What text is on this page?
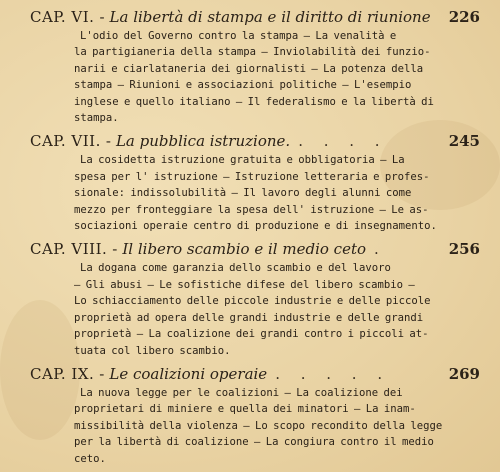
CAP. VI. - La libertà di stampa e il diritto di riunione 226
L'odio del Governo contro la stampa — La venalità e
la partigianeria della stampa — Inviolabilità dei funzio-
narii e ciarlataneria dei giornalisti — La potenza della
stampa — Riunioni e associazioni politiche — L'esempio
inglese e quello italiano — Il federalismo e la libertà di
stampa.
CAP. VII. - La pubblica istruzione. . . . .	245
La cosidetta istruzione gratuita e obbligatoria — La
spesa per l' istruzione — Istruzione letteraria e profes-
sionale: indissolubilità — Il lavoro degli alunni come
mezzo per fronteggiare la spesa dell' istruzione — Le as-
sociazioni operaie centro di produzione e di insegnamento.
CAP. VIII. - Il libero scambio e il medio ceto .	256
La dogana come garanzia dello scambio e del lavoro
— Gli abusi — Le sofistiche difese del libero scambio —
Lo schiacciamento delle piccole industrie e delle piccole
proprietà ad opera delle grandi industrie e delle grandi
proprietà — La coalizione dei grandi contro i piccoli at-
tuata col libero scambio.
CAP. IX. - Le coalizioni operaie . . . . .	269
La nuova legge per le coalizioni — La coalizione dei
proprietari di miniere e quella dei minatori — La inam-
missibilità della violenza — Lo scopo recondito della legge
per la libertà di coalizione — La congiura contro il medio
ceto.
